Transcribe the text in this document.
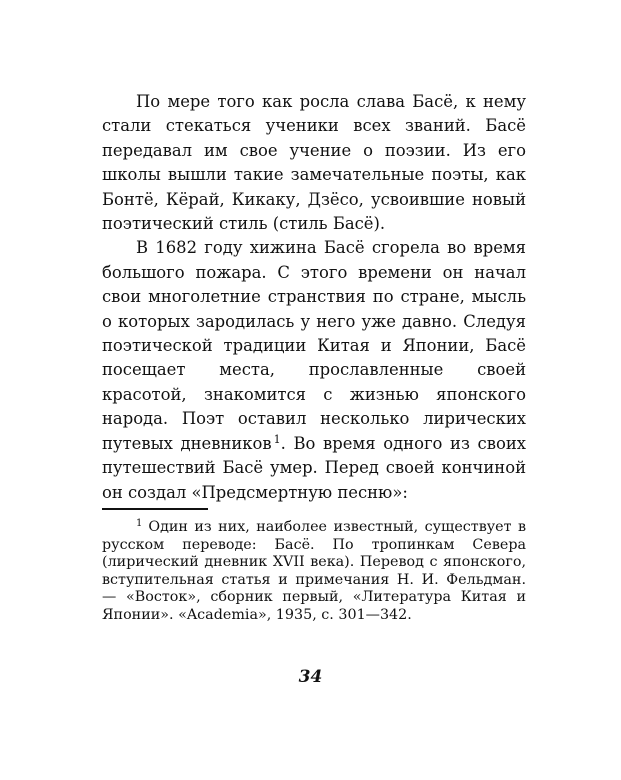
По мере того как росла слава Басё, к нему стали стекаться ученики всех званий. Басё передавал им свое учение о поэзии. Из его школы вышли такие замечательные поэты, как Бонтё, Кёрай, Кикаку, Дзёсо, усвоившие новый поэтический стиль (стиль Басё).

В 1682 году хижина Басё сгорела во время большого пожара. С этого времени он начал свои многолетние странствия по стране, мысль о которых зародилась у него уже давно. Следуя поэтической традиции Китая и Японии, Басё посещает места, прославленные своей красотой, знакомится с жизнью японского народа. Поэт оставил несколько лирических путевых дневников $^1$. Во время одного из своих путешествий Басё умер. Перед своей кончиной он создал «Предсмертную песню»:

$^1$ Один из них, наиболее известный, существует в русском переводе: Басё. По тропинкам Севера (лирический дневник XVII века). Перевод с японского, вступительная статья и примечания Н. И. Фельдман. — «Восток», сборник первый, «Литература Китая и Японии». «Academia», 1935, с. 301—342.

34
